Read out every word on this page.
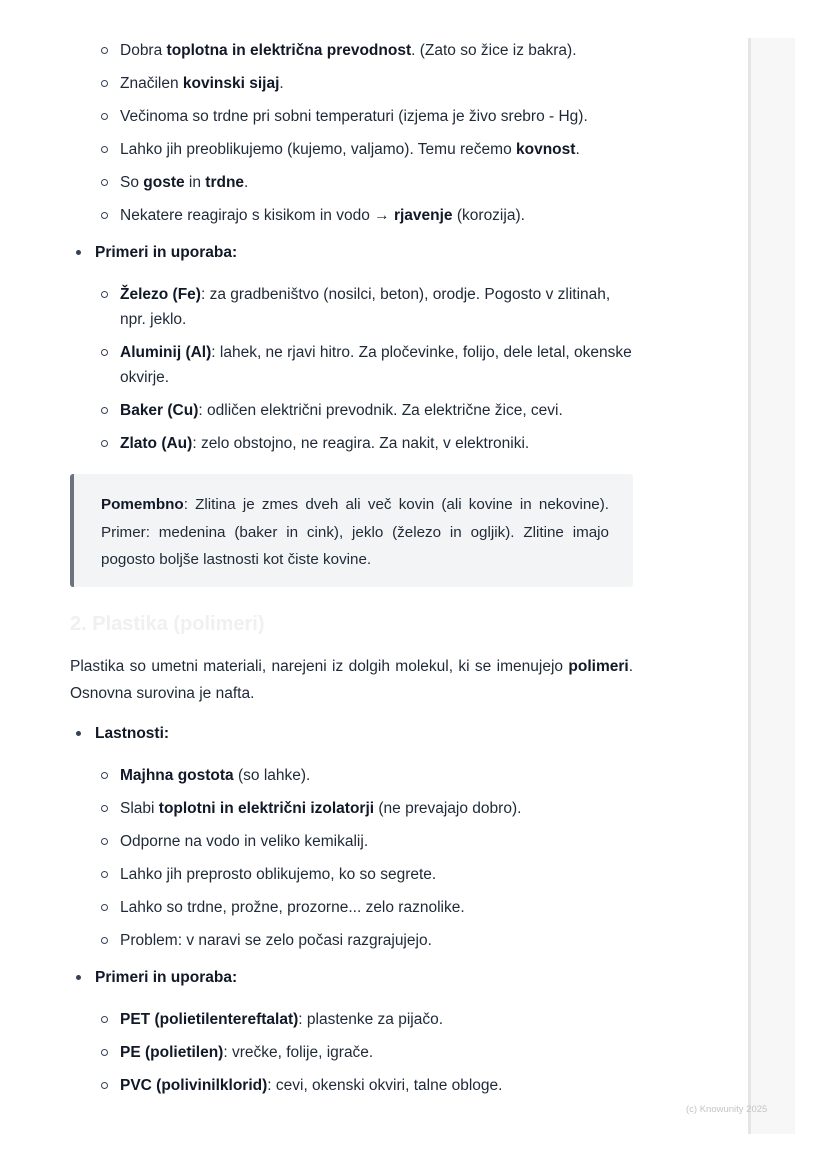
Dobra toplotna in električna prevodnost. (Zato so žice iz bakra).
Značilen kovinski sijaj.
Večinoma so trdne pri sobni temperaturi (izjema je živo srebro - Hg).
Lahko jih preoblikujemo (kujemo, valjamo). Temu rečemo kovnost.
So goste in trdne.
Nekatere reagirajo s kisikom in vodo → rjavenje (korozija).
Primeri in uporaba:
Železo (Fe): za gradbeništvo (nosilci, beton), orodje. Pogosto v zlitinah, npr. jeklo.
Aluminij (Al): lahek, ne rjavi hitro. Za pločevinke, folijo, dele letal, okenske okvirje.
Baker (Cu): odličen električni prevodnik. Za električne žice, cevi.
Zlato (Au): zelo obstojno, ne reagira. Za nakit, v elektroniki.
Pomembno: Zlitina je zmes dveh ali več kovin (ali kovine in nekovine). Primer: medenina (baker in cink), jeklo (železo in ogljik). Zlitine imajo pogosto boljše lastnosti kot čiste kovine.
2. Plastika (polimeri)
Plastika so umetni materiali, narejeni iz dolgih molekul, ki se imenujejo polimeri. Osnovna surovina je nafta.
Lastnosti:
Majhna gostota (so lahke).
Slabi toplotni in električni izolatorji (ne prevajajo dobro).
Odporne na vodo in veliko kemikalij.
Lahko jih preprosto oblikujemo, ko so segrete.
Lahko so trdne, prožne, prozorne... zelo raznolike.
Problem: v naravi se zelo počasi razgrajujejo.
Primeri in uporaba:
PET (polietilentereftalat): plastenke za pijačo.
PE (polietilen): vrečke, folije, igrače.
PVC (polivinilklorid): cevi, okenski okviri, talne obloge.
(c) Knowunity 2025
